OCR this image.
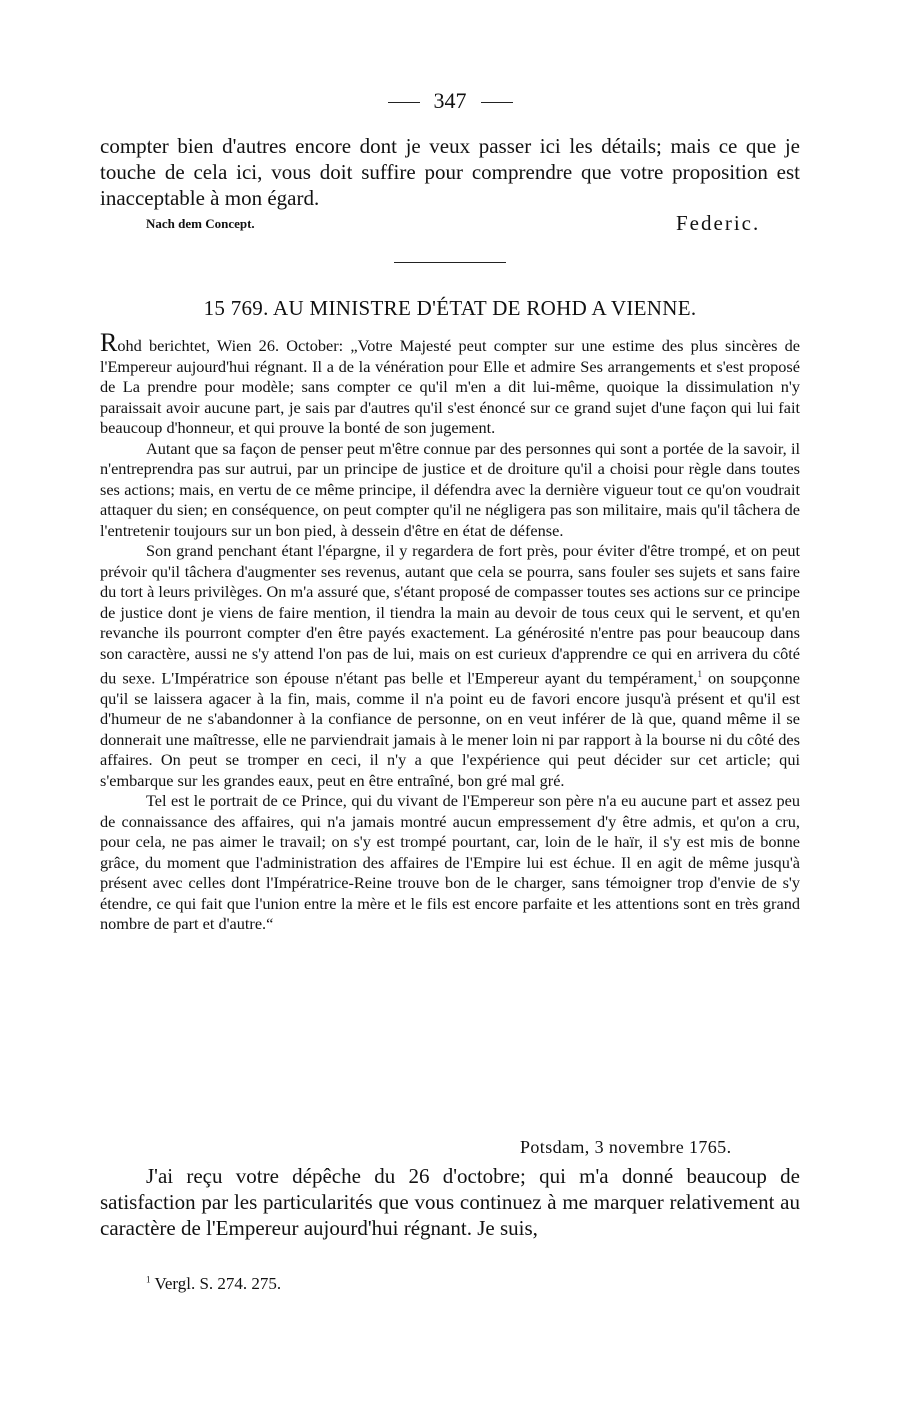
347

compter bien d'autres encore dont je veux passer ici les détails; mais ce que je touche de cela ici, vous doit suffire pour comprendre que votre proposition est inacceptable à mon égard.

Nach dem Concept.	Federic.
15 769. AU MINISTRE D'ÉTAT DE ROHD A VIENNE.

Rohd berichtet, Wien 26. October: „Votre Majesté peut compter sur une estime des plus sincères de l'Empereur aujourd'hui régnant. Il a de la vénération pour Elle et admire Ses arrangements et s'est proposé de La prendre pour modèle; sans compter ce qu'il m'en a dit lui-même, quoique la dissimulation n'y paraissait avoir aucune part, je sais par d'autres qu'il s'est énoncé sur ce grand sujet d'une façon qui lui fait beaucoup d'honneur, et qui prouve la bonté de son jugement.

Autant que sa façon de penser peut m'être connue par des personnes qui sont a portée de la savoir, il n'entreprendra pas sur autrui, par un principe de justice et de droiture qu'il a choisi pour règle dans toutes ses actions; mais, en vertu de ce même principe, il défendra avec la dernière vigueur tout ce qu'on voudrait attaquer du sien; en conséquence, on peut compter qu'il ne négligera pas son militaire, mais qu'il tâchera de l'entretenir toujours sur un bon pied, à dessein d'être en état de défense.

Son grand penchant étant l'épargne, il y regardera de fort près, pour éviter d'être trompé, et on peut prévoir qu'il tâchera d'augmenter ses revenus, autant que cela se pourra, sans fouler ses sujets et sans faire du tort à leurs privilèges. On m'a assuré que, s'étant proposé de compasser toutes ses actions sur ce principe de justice dont je viens de faire mention, il tiendra la main au devoir de tous ceux qui le servent, et qu'en revanche ils pourront compter d'en être payés exactement. La générosité n'entre pas pour beaucoup dans son caractère, aussi ne s'y attend l'on pas de lui, mais on est curieux d'apprendre ce qui en arrivera du côté du sexe. L'Impératrice son épouse n'étant pas belle et l'Empereur ayant du tempérament,$^1$ on soupçonne qu'il se laissera agacer à la fin, mais, comme il n'a point eu de favori encore jusqu'à présent et qu'il est d'humeur de ne s'abandonner à la confiance de personne, on en veut inférer de là que, quand même il se donnerait une maîtresse, elle ne parviendrait jamais à le mener loin ni par rapport à la bourse ni du côté des affaires. On peut se tromper en ceci, il n'y a que l'expérience qui peut décider sur cet article; qui s'embarque sur les grandes eaux, peut en être entraîné, bon gré mal gré.

Tel est le portrait de ce Prince, qui du vivant de l'Empereur son père n'a eu aucune part et assez peu de connaissance des affaires, qui n'a jamais montré aucun empressement d'y être admis, et qu'on a cru, pour cela, ne pas aimer le travail; on s'y est trompé pourtant, car, loin de le haïr, il s'y est mis de bonne grâce, du moment que l'administration des affaires de l'Empire lui est échue. Il en agit de même jusqu'à présent avec celles dont l'Impératrice-Reine trouve bon de le charger, sans témoigner trop d'envie de s'y étendre, ce qui fait que l'union entre la mère et le fils est encore parfaite et les attentions sont en très grand nombre de part et d'autre.“

Potsdam, 3 novembre 1765.

J'ai reçu votre dépêche du 26 d'octobre; qui m'a donné beaucoup de satisfaction par les particularités que vous continuez à me marquer relativement au caractère de l'Empereur aujourd'hui régnant. Je suis,

$^1$ Vergl. S. 274. 275.
